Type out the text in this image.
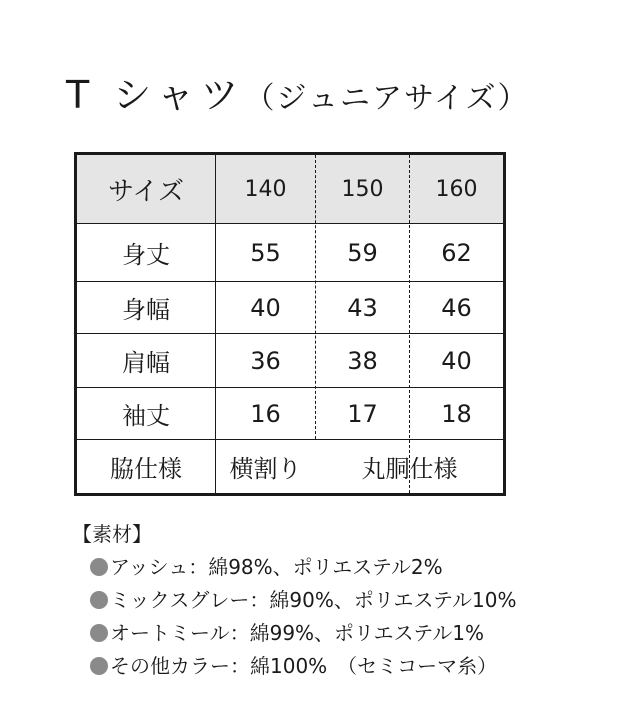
T シャツ（ジュニアサイズ）
サイズ	140	150	160
身丈	55	59	62
身幅	40	43	46
肩幅	36	38	40
袖丈	16	17	18
脇仕様	横割り	丸胴仕様
【素材】
アッシュ：綿98%、ポリエステル2%
ミックスグレー：綿90%、ポリエステル10%
オートミール：綿99%、ポリエステル1%
その他カラー：綿100%　（セミコーマ糸）
